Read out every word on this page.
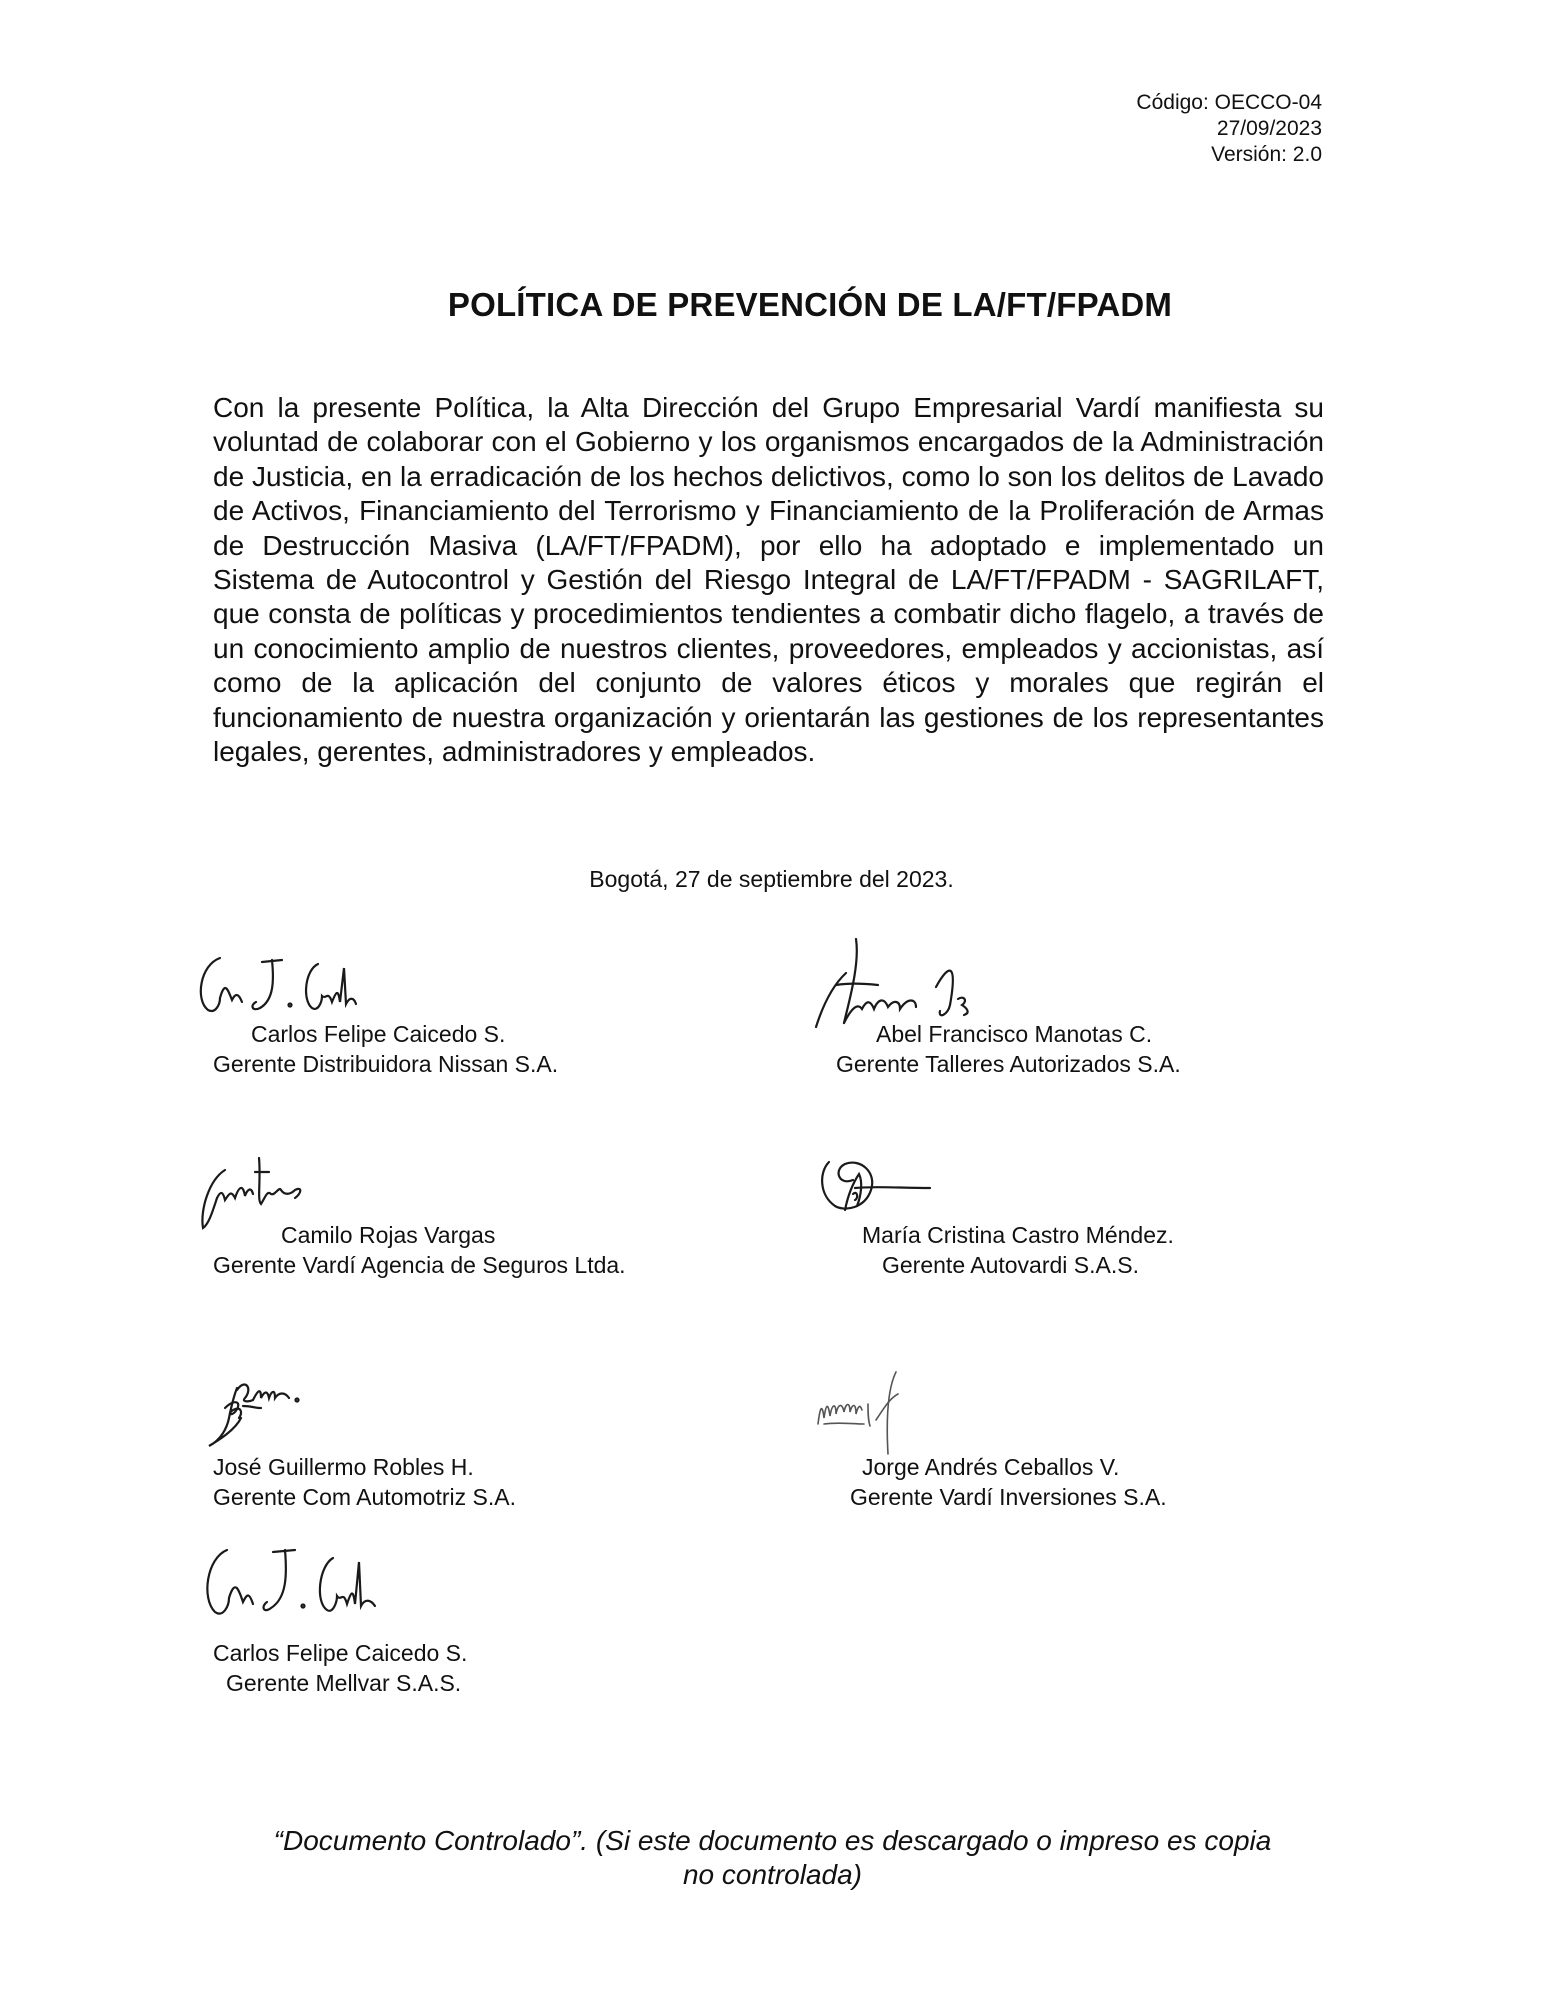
Código: OECCO-04
27/09/2023
Versión: 2.0
POLÍTICA DE PREVENCIÓN DE LA/FT/FPADM
Con la presente Política, la Alta Dirección del Grupo Empresarial Vardí manifiesta su voluntad de colaborar con el Gobierno y los organismos encargados de la Administración de Justicia, en la erradicación de los hechos delictivos, como lo son los delitos de Lavado de Activos, Financiamiento del Terrorismo y Financiamiento de la Proliferación de Armas de Destrucción Masiva (LA/FT/FPADM), por ello ha adoptado e implementado un Sistema de Autocontrol y Gestión del Riesgo Integral de LA/FT/FPADM - SAGRILAFT, que consta de políticas y procedimientos tendientes a combatir dicho flagelo, a través de un conocimiento amplio de nuestros clientes, proveedores, empleados y accionistas, así como de la aplicación del conjunto de valores éticos y morales que regirán el funcionamiento de nuestra organización y orientarán las gestiones de los representantes legales, gerentes, administradores y empleados.
Bogotá, 27 de septiembre del 2023.
Carlos Felipe Caicedo S.
Gerente Distribuidora Nissan S.A.
Abel Francisco Manotas C.
Gerente Talleres Autorizados S.A.
Camilo Rojas Vargas
Gerente Vardí Agencia de Seguros Ltda.
María Cristina Castro Méndez.
Gerente Autovardi S.A.S.
José Guillermo Robles H.
Gerente Com Automotriz S.A.
Jorge Andrés Ceballos V.
Gerente Vardí Inversiones S.A.
Carlos Felipe Caicedo S.
Gerente Mellvar S.A.S.
“Documento Controlado”. (Si este documento es descargado o impreso es copia
no controlada)
